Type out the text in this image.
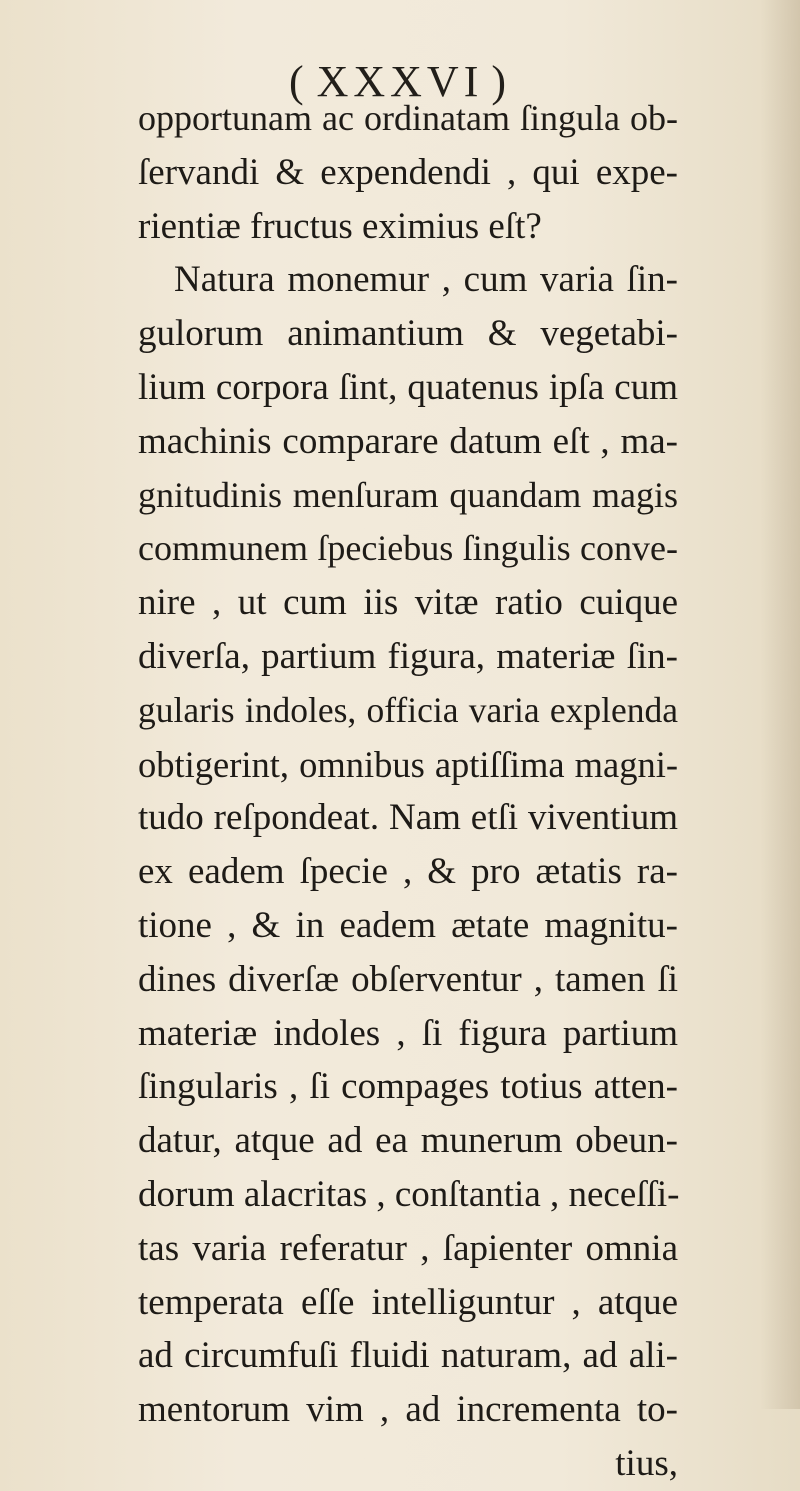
( XXXVI )
opportunam ac ordinatam ſingula ob-
ſervandi & expendendi , qui expe-
rientiæ fructus eximius eſt?
Natura monemur , cum varia ſin-
gulorum animantium & vegetabi-
lium corpora ſint, quatenus ipſa cum
machinis comparare datum eſt , ma-
gnitudinis menſuram quandam magis
communem ſpeciebus ſingulis conve-
nire , ut cum iis vitæ ratio cuique
diverſa, partium figura, materiæ ſin-
gularis indoles, officia varia explenda
obtigerint, omnibus aptiſſima magni-
tudo reſpondeat. Nam etſi viventium
ex eadem ſpecie , & pro ætatis ra-
tione , & in eadem ætate magnitu-
dines diverſæ obſerventur , tamen ſi
materiæ indoles , ſi figura partium
ſingularis , ſi compages totius atten-
datur, atque ad ea munerum obeun-
dorum alacritas , conſtantia , neceſſi-
tas varia referatur , ſapienter omnia
temperata eſſe intelliguntur , atque
ad circumfuſi fluidi naturam, ad ali-
mentorum vim , ad incrementa to-
tius,
